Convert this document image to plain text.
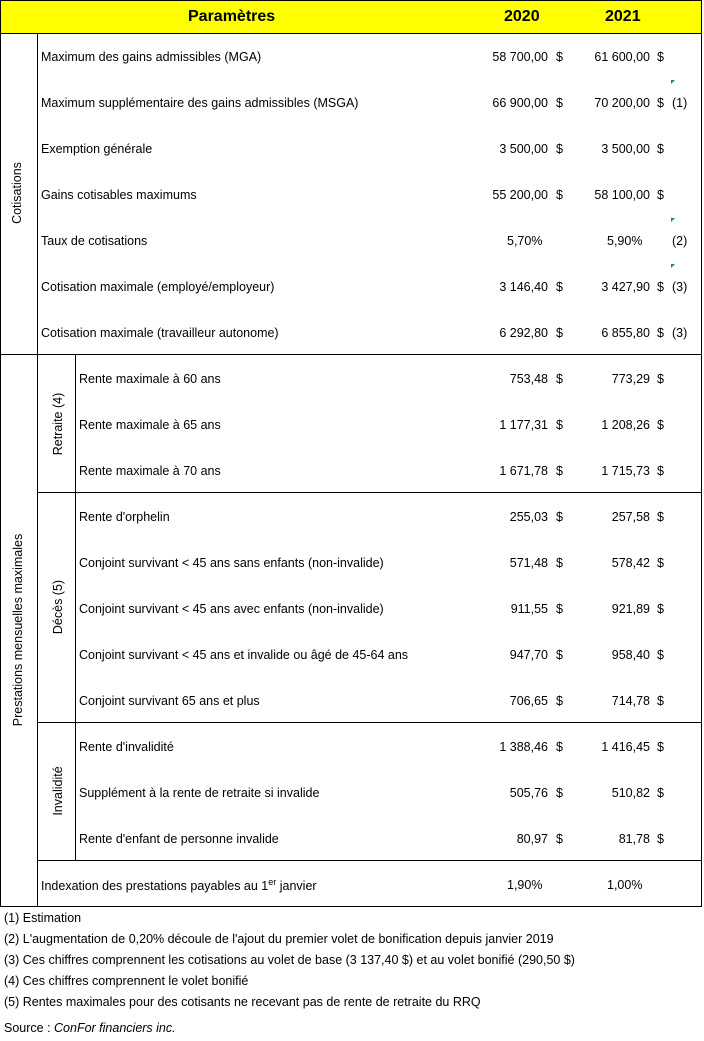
Paramètres	2020	2021
Cotisations
Prestations mensuelles maximales
Retraite (4)
Décès (5)
Invalidité
Maximum des gains admissibles (MGA)	58 700,00 $	61 600,00 $
Maximum supplémentaire des gains admissibles (MSGA)	66 900,00 $	70 200,00 $ (1)
Exemption générale	3 500,00 $	3 500,00 $
Gains cotisables maximums	55 200,00 $	58 100,00 $
Taux de cotisations	5,70%	5,90% (2)
Cotisation maximale (employé/employeur)	3 146,40 $	3 427,90 $ (3)
Cotisation maximale (travailleur autonome)	6 292,80 $	6 855,80 $ (3)
Rente maximale à 60 ans	753,48 $	773,29 $
Rente maximale à 65 ans	1 177,31 $	1 208,26 $
Rente maximale à 70 ans	1 671,78 $	1 715,73 $
Rente d'orphelin	255,03 $	257,58 $
Conjoint survivant < 45 ans sans enfants (non-invalide)	571,48 $	578,42 $
Conjoint survivant < 45 ans avec enfants (non-invalide)	911,55 $	921,89 $
Conjoint survivant < 45 ans et invalide ou âgé de 45-64 ans	947,70 $	958,40 $
Conjoint survivant 65 ans et plus	706,65 $	714,78 $
Rente d'invalidité	1 388,46 $	1 416,45 $
Supplément à la rente de retraite si invalide	505,76 $	510,82 $
Rente d'enfant de personne invalide	80,97 $	81,78 $
Indexation des prestations payables au 1er janvier	1,90%	1,00%
(1) Estimation
(2) L'augmentation de 0,20% découle de l'ajout du premier volet de bonification depuis janvier 2019
(3) Ces chiffres comprennent les cotisations au volet de base (3 137,40 $) et au volet bonifié (290,50 $)
(4) Ces chiffres comprennent le volet bonifié
(5) Rentes maximales pour des cotisants ne recevant pas de rente de retraite du RRQ
Source : ConFor financiers inc.
